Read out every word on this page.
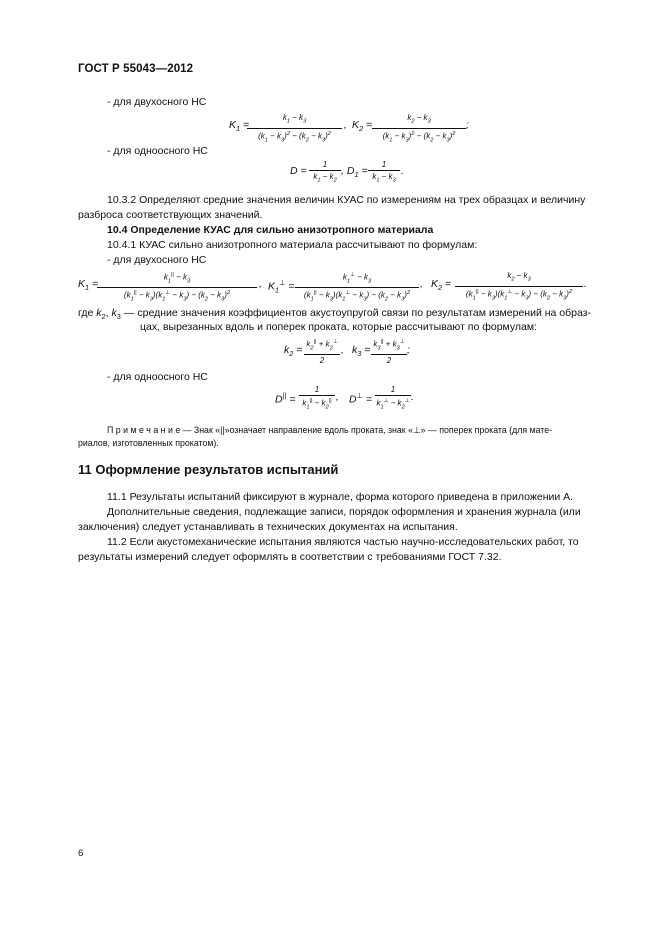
ГОСТ Р 55043—2012
- для двухосного НС
$K_1$ =
$k_1 - k_3$
$(k_1 - k_3)^2 - (k_2 - k_3)^2$
, $K_2$ =
$k_2 - k_3$
$(k_1 - k_3)^2 - (k_2 - k_3)^2$
;
- для одноосного НС
D =
1
$k_1 - k_2$
, $D_1$ =
1
$k_1 - k_3$
.
10.3.2 Определяют средние значения величин КУАС по измерениям на трех образцах и величину
разброса соответствующих значений.
10.4 Определение КУАС для сильно анизотропного материала
10.4.1 КУАС сильно анизотропного материала рассчитывают по формулам:
- для двухосного НС
$K_1$ =
$k_1^{||} - k_3$
$(k_1^{||} - k_3)(k_1^\perp - k_3) - (k_2 - k_3)^2$
, $K_1^\perp$ =
$k_1^\perp - k_3$
$(k_1^{||} - k_3)(k_1^\perp - k_3) - (k_2 - k_3)^2$
, $K_2$ =
$k_2 - k_3$
$(k_1^{||} - k_3)(k_1^\perp - k_3) - (k_2 - k_3)^2$
.
где $k_2$, $k_3$ — средние значения коэффициентов акустоупругой связи по результатам измерений на образ-
цах, вырезанных вдоль и поперек проката, которые рассчитывают по формулам:
$k_2 = k_2^{||} + k_2^\perp$
2
, $k_3 = k_3^{||} + k_3^\perp$
2
;
- для одноосного НС
D|| =
1
$k_1^{||} - k_2^{||}$ , D⊥ =
1
$k_1^\perp - k_2^\perp$ .
П р и м е ч а н и е — Знак «||»означает направление вдоль проката, знак «⊥» — поперек проката (для мате-
риалов, изготовленных прокатом).
11 Оформление результатов испытаний
11.1 Результаты испытаний фиксируют в журнале, форма которого приведена в приложении А.
Дополнительные сведения, подлежащие записи, порядок оформления и хранения журнала (или
заключения) следует устанавливать в технических документах на испытания.
11.2 Если акустомеханические испытания являются частью научно-исследовательских работ, то
результаты измерений следует оформлять в соответствии с требованиями ГОСТ 7.32.
6
